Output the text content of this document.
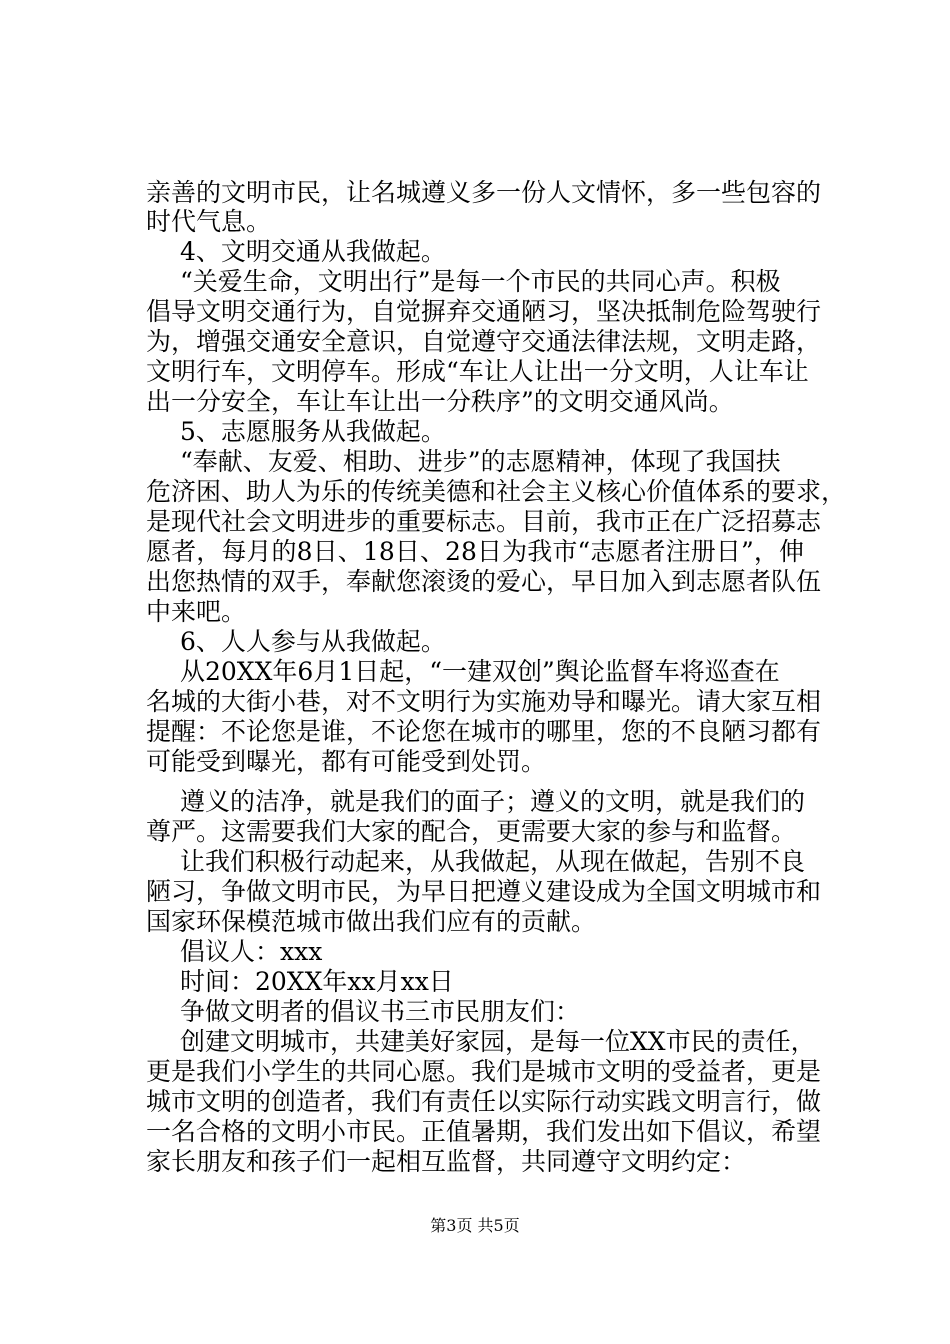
亲善的文明市民，让名城遵义多一份人文情怀，多一些包容的
时代气息。
4、文明交通从我做起。
“关爱生命，文明出行”是每一个市民的共同心声。积极
倡导文明交通行为，自觉摒弃交通陋习，坚决抵制危险驾驶行
为，增强交通安全意识，自觉遵守交通法律法规，文明走路，
文明行车，文明停车。形成“车让人让出一分文明，人让车让
出一分安全，车让车让出一分秩序”的文明交通风尚。
5、志愿服务从我做起。
“奉献、友爱、相助、进步”的志愿精神，体现了我国扶
危济困、助人为乐的传统美德和社会主义核心价值体系的要求，
是现代社会文明进步的重要标志。目前，我市正在广泛招募志
愿者，每月的8日、18日、28日为我市“志愿者注册日”，伸
出您热情的双手，奉献您滚烫的爱心，早日加入到志愿者队伍
中来吧。
6、人人参与从我做起。
从20XX年6月1日起，“一建双创”舆论监督车将巡查在
名城的大街小巷，对不文明行为实施劝导和曝光。请大家互相
提醒：不论您是谁，不论您在城市的哪里，您的不良陋习都有
可能受到曝光，都有可能受到处罚。
遵义的洁净，就是我们的面子；遵义的文明，就是我们的
尊严。这需要我们大家的配合，更需要大家的参与和监督。
让我们积极行动起来，从我做起，从现在做起，告别不良
陋习，争做文明市民，为早日把遵义建设成为全国文明城市和
国家环保模范城市做出我们应有的贡献。
倡议人：xxx
时间：20XX年xx月xx日
争做文明者的倡议书三市民朋友们：
创建文明城市，共建美好家园，是每一位XX市民的责任，
更是我们小学生的共同心愿。我们是城市文明的受益者，更是
城市文明的创造者，我们有责任以实际行动实践文明言行，做
一名合格的文明小市民。正值暑期，我们发出如下倡议，希望
家长朋友和孩子们一起相互监督，共同遵守文明约定：
第3页 共5页
